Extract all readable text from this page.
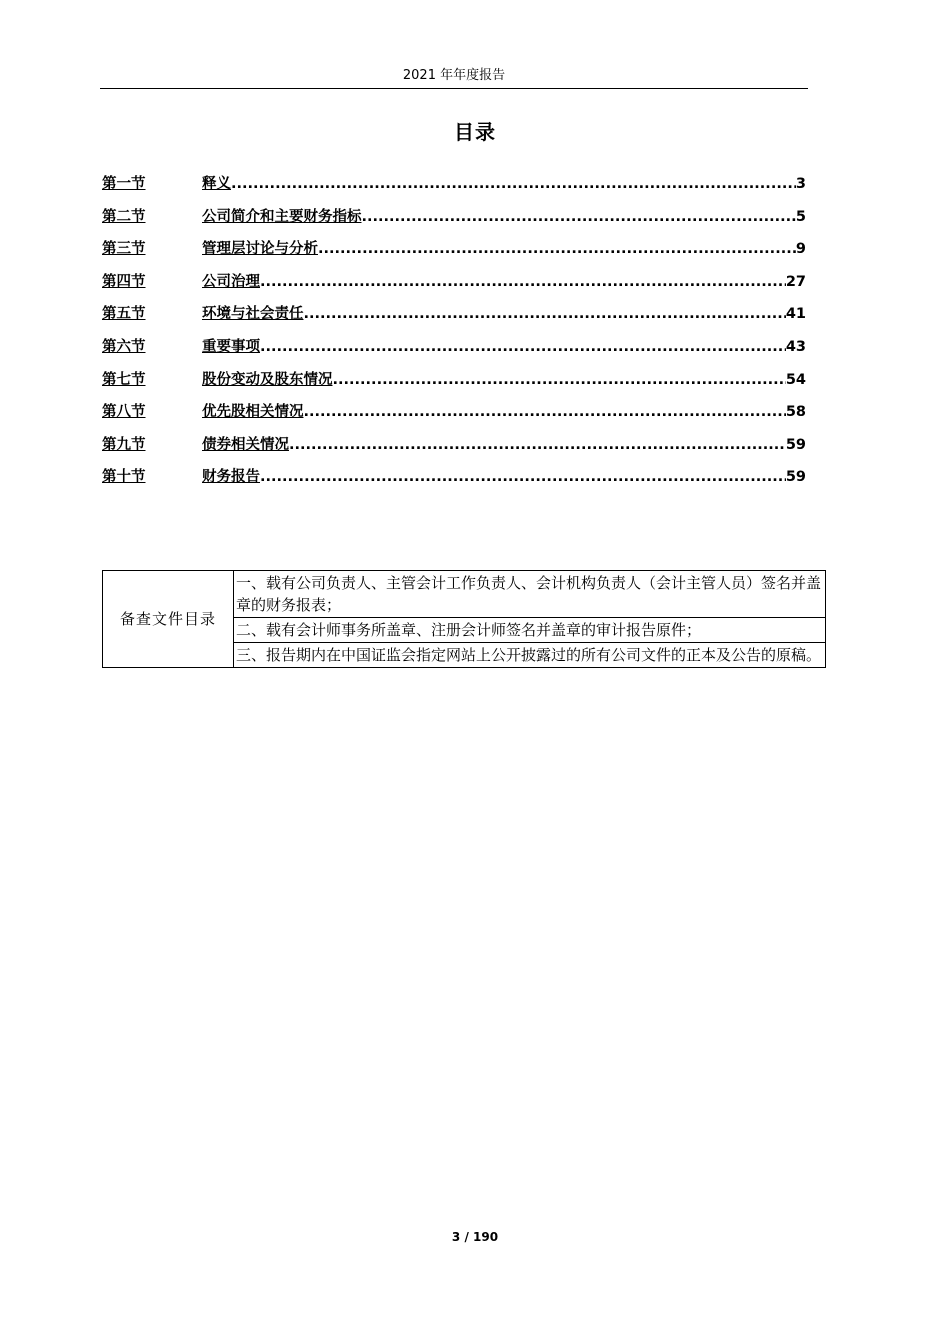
2021 年年度报告
目录
第一节	释义 .....	3
第二节	公司简介和主要财务指标 .....	5
第三节	管理层讨论与分析 .....	9
第四节	公司治理 .....	27
第五节	环境与社会责任 .....	41
第六节	重要事项 .....	43
第七节	股份变动及股东情况 .....	54
第八节	优先股相关情况 .....	58
第九节	债券相关情况 .....	59
第十节	财务报告 .....	59
备查文件目录	一、载有公司负责人、主管会计工作负责人、会计机构负责人（会计主管人员）签名并盖章的财务报表；
二、载有会计师事务所盖章、注册会计师签名并盖章的审计报告原件；
三、报告期内在中国证监会指定网站上公开披露过的所有公司文件的正本及公告的原稿。
3 / 190
